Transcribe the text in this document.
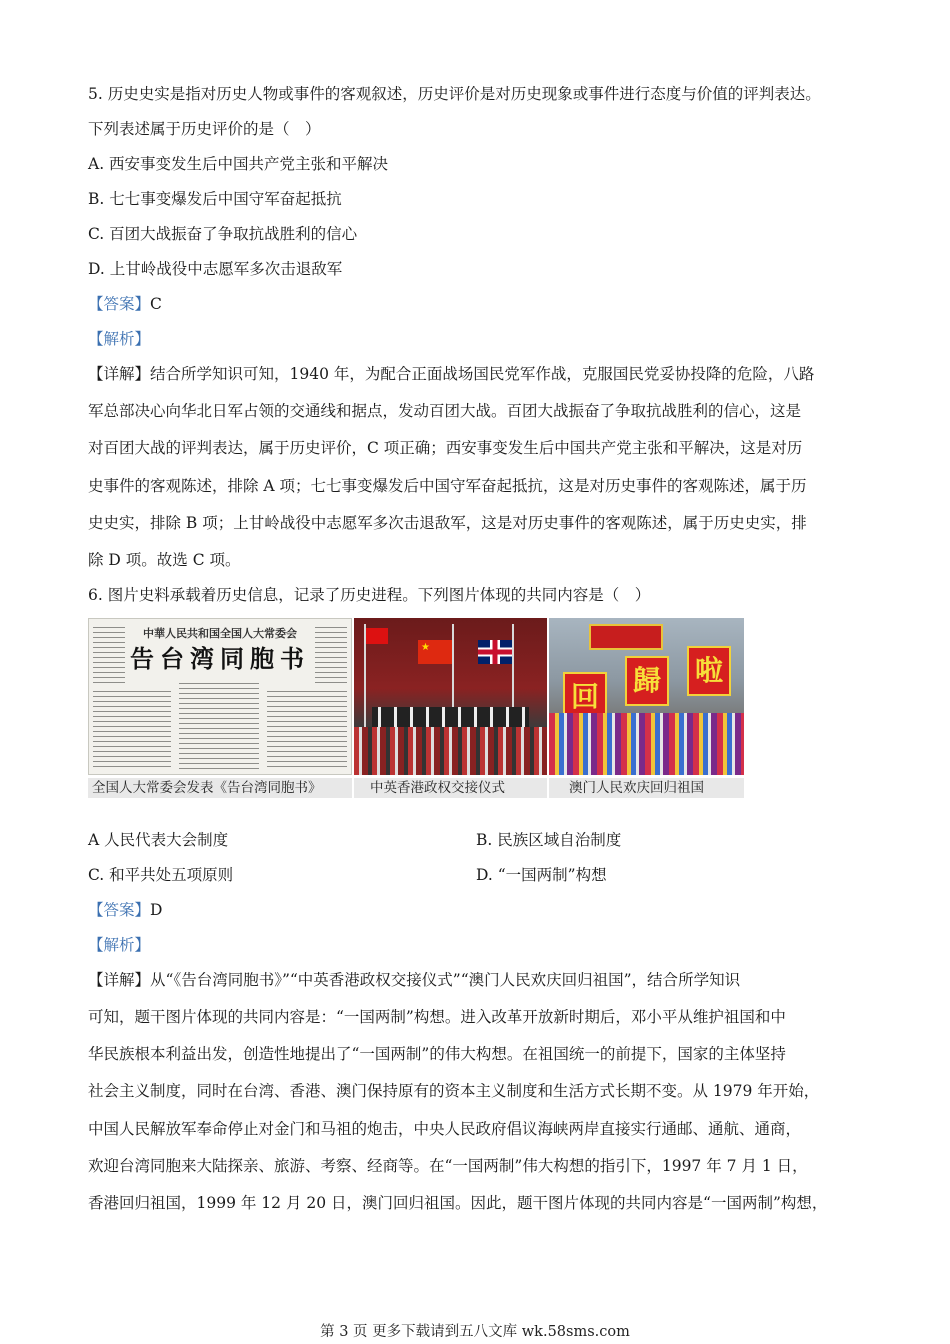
5. 历史史实是指对历史人物或事件的客观叙述，历史评价是对历史现象或事件进行态度与价值的评判表达。
下列表述属于历史评价的是（　）
A. 西安事变发生后中国共产党主张和平解决
B. 七七事变爆发后中国守军奋起抵抗
C. 百团大战振奋了争取抗战胜利的信心
D. 上甘岭战役中志愿军多次击退敌军
【答案】C
【解析】
【详解】结合所学知识可知，1940 年，为配合正面战场国民党军作战，克服国民党妥协投降的危险，八路
军总部决心向华北日军占领的交通线和据点，发动百团大战。百团大战振奋了争取抗战胜利的信心，这是
对百团大战的评判表达，属于历史评价，C 项正确；西安事变发生后中国共产党主张和平解决，这是对历
史事件的客观陈述，排除 A 项；七七事变爆发后中国守军奋起抵抗，这是对历史事件的客观陈述，属于历
史史实，排除 B 项；上甘岭战役中志愿军多次击退敌军，这是对历史事件的客观陈述，属于历史史实，排
除 D 项。故选 C 项。
6. 图片史料承载着历史信息，记录了历史进程。下列图片体现的共同内容是（　）
中華人民共和国全国人大常委会
告台湾同胞书	★
回 歸 啦
全国人大常委会发表《告台湾同胞书》	中英香港政权交接仪式	澳门人民欢庆回归祖国
A 人民代表大会制度	B. 民族区域自治制度
C. 和平共处五项原则	D. “一国两制”构想
【答案】D
【解析】
【详解】从“《告台湾同胞书》”“中英香港政权交接仪式”“澳门人民欢庆回归祖国”，结合所学知识
可知，题干图片体现的共同内容是：“一国两制”构想。进入改革开放新时期后，邓小平从维护祖国和中
华民族根本利益出发，创造性地提出了“一国两制”的伟大构想。在祖国统一的前提下，国家的主体坚持
社会主义制度，同时在台湾、香港、澳门保持原有的资本主义制度和生活方式长期不变。从 1979 年开始，
中国人民解放军奉命停止对金门和马祖的炮击，中央人民政府倡议海峡两岸直接实行通邮、通航、通商，
欢迎台湾同胞来大陆探亲、旅游、考察、经商等。在“一国两制”伟大构想的指引下，1997 年 7 月 1 日，
香港回归祖国，1999 年 12 月 20 日，澳门回归祖国。因此，题干图片体现的共同内容是“一国两制”构想，
第 3 页 更多下载请到五八文库 wk.58sms.com
